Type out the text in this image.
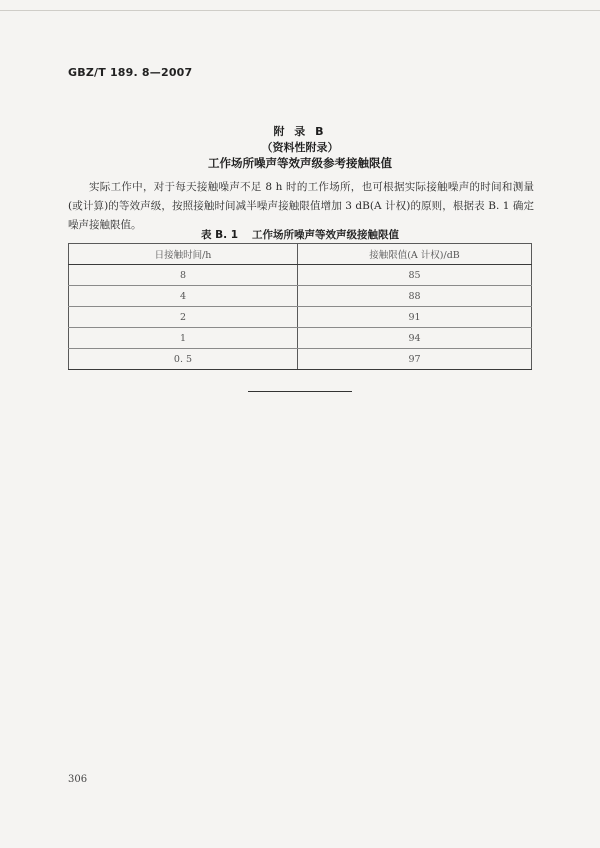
GBZ/T 189. 8—2007
附 录 B
（资料性附录）
工作场所噪声等效声级参考接触限值

实际工作中，对于每天接触噪声不足 8 h 时的工作场所，也可根据实际接触噪声的时间和测量(或计算)的等效声级，按照接触时间减半噪声接触限值增加 3 dB(A 计权)的原则，根据表 B. 1 确定噪声接触限值。

表 B. 1 工作场所噪声等效声级接触限值
日接触时间/h	接触限值(A 计权)/dB
8	85
4	88
2	91
1	94
0. 5	97
306
